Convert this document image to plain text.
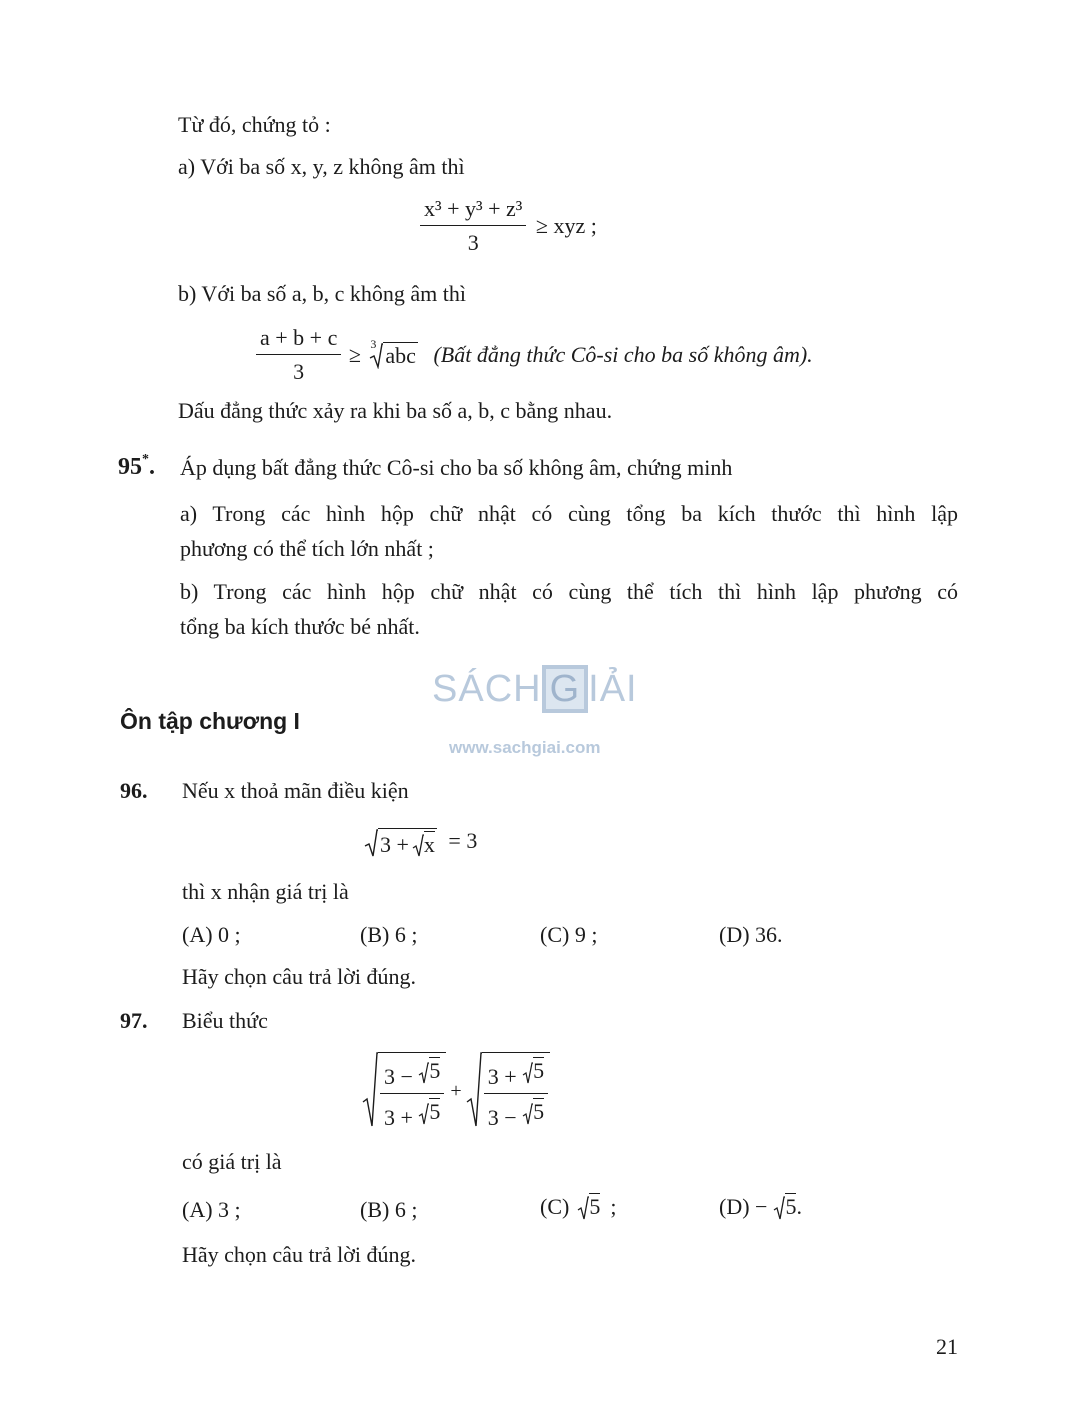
Từ đó, chứng tỏ :
a) Với ba số x, y, z không âm thì
$\frac{\text{x³ + y³ + z³}}{3}$ ≥ xyz ;
b) Với ba số a, b, c không âm thì
$\frac{a + b + c}{3} \ge 3$ abc (Bất đẳng thức Cô-si cho ba số không âm).
Dấu đẳng thức xảy ra khi ba số a, b, c bằng nhau.
95*. Áp dụng bất đẳng thức Cô-si cho ba số không âm, chứng minh
a) Trong các hình hộp chữ nhật có cùng tổng ba kích thước thì hình lập
phương có thể tích lớn nhất ;
b) Trong các hình hộp chữ nhật có cùng thể tích thì hình lập phương có
tổng ba kích thước bé nhất.
Ôn tập chương I
SÁCH G IẢI
www.sachgiai.com
96. Nếu x thoả mãn điều kiện
3 + x = 3
thì x nhận giá trị là
(A) 0 ;	(B) 6 ;	(C) 9 ;	(D) 36.
Hãy chọn câu trả lời đúng.
97. Biểu thức
$\frac{3 - 5}{3 + 5} + \frac{3 + 5}{3 - 5}$
có giá trị là
(A) 3 ;	(B) 6 ;	(C) 5 ;	(D) − 5 .
Hãy chọn câu trả lời đúng.
21
